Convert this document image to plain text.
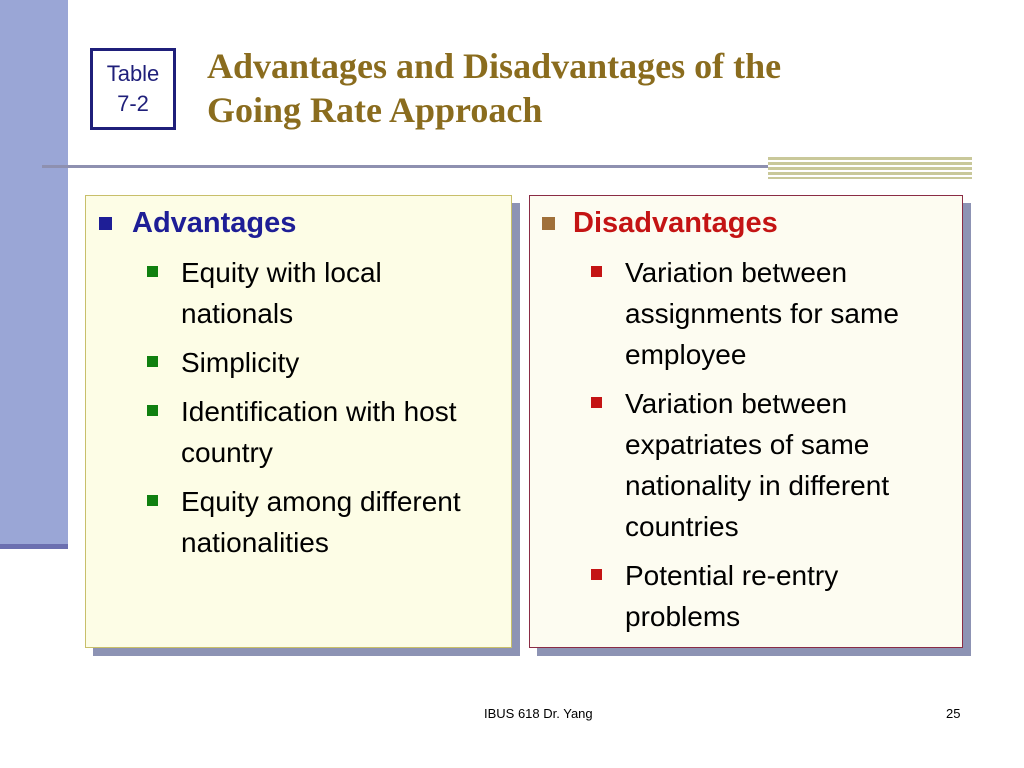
Table
7-2
Advantages and Disadvantages of the
Going Rate Approach
Advantages
Equity with local nationals
Simplicity
Identification with host country
Equity among different nationalities
Disadvantages
Variation between assignments for same employee
Variation between expatriates of same nationality in different countries
Potential re-entry problems
IBUS 618 Dr. Yang	25
